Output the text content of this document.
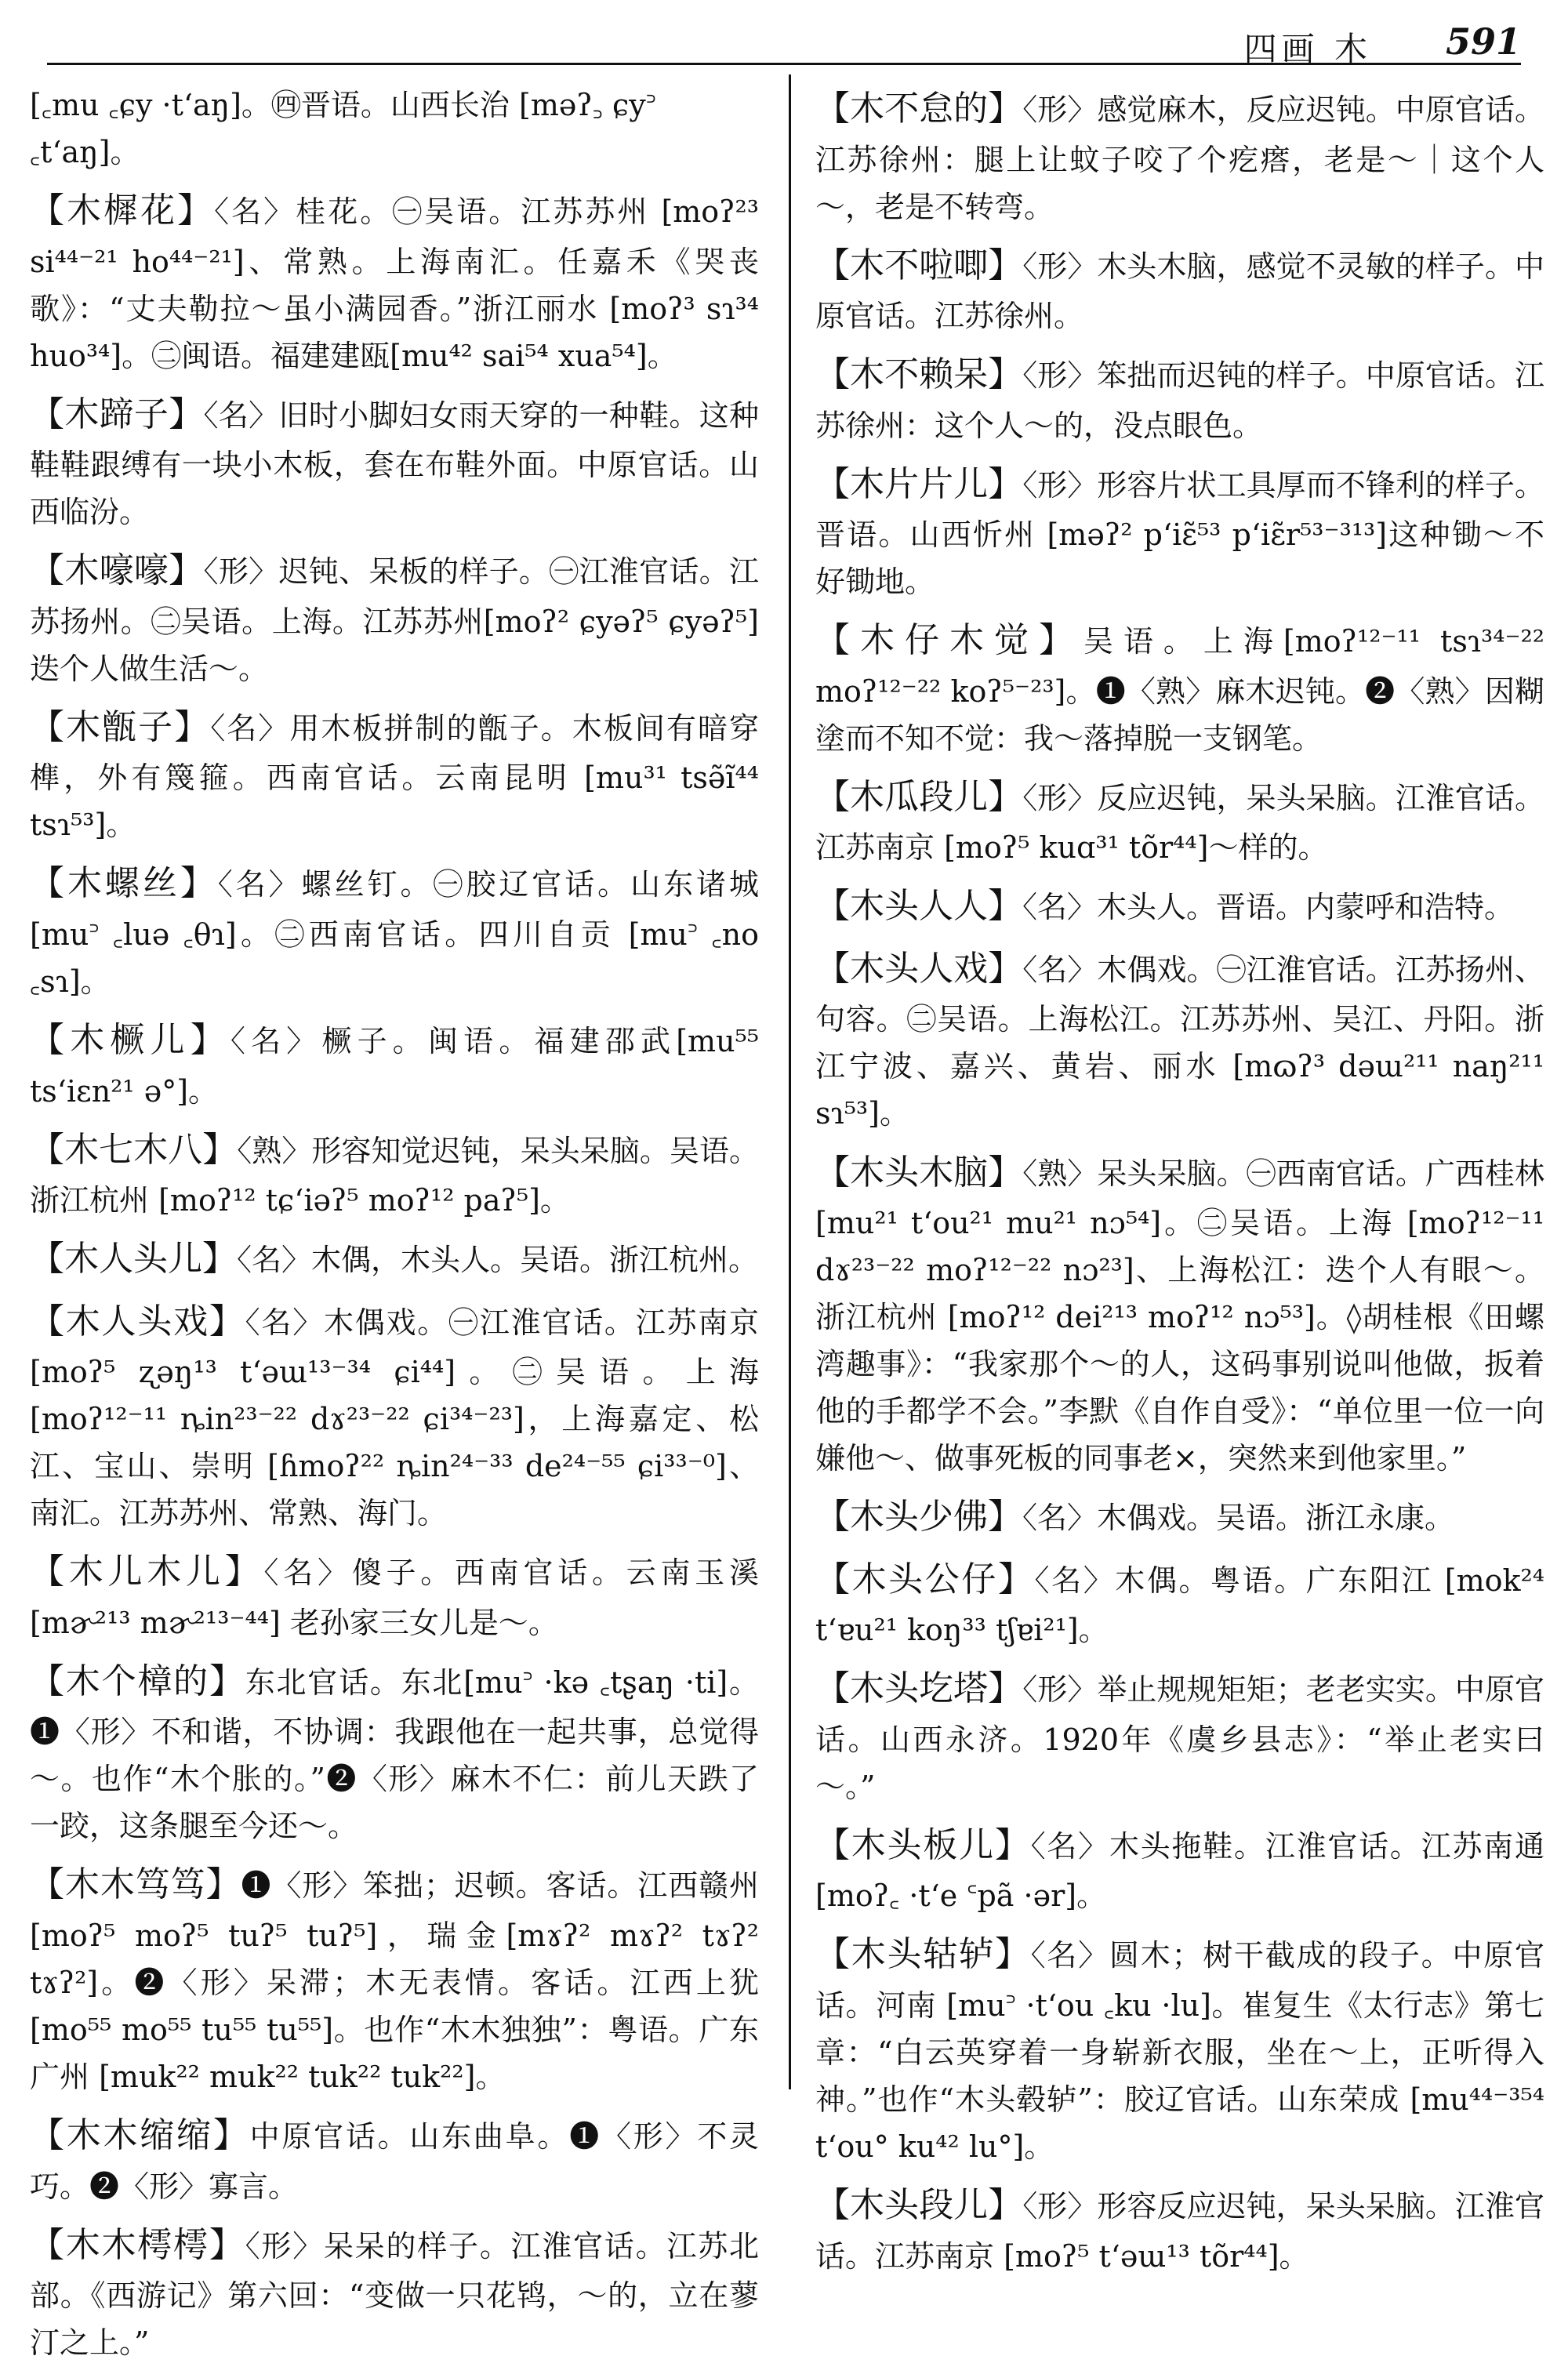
四画 木 591
[꜀mu ꜀ɕy ·t‘aŋ]。㊃晋语。山西长治 [məʔ꜆ ɕy꜄ ꜀t‘aŋ]。
【 木樨花 】 〈名〉桂花。㊀吴语。江苏苏州 [moʔ²³ si⁴⁴⁻²¹ ho⁴⁴⁻²¹]、常熟。上海南汇。任嘉禾《哭丧歌》：“丈夫勒拉～虽小满园香。”浙江丽水 [moʔ³ sɿ³⁴ huo³⁴]。㊁闽语。福建建瓯[mu⁴² sai⁵⁴ xua⁵⁴]。
【 木蹄子 】 〈名〉旧时小脚妇女雨天穿的一种鞋。这种鞋鞋跟缚有一块小木板，套在布鞋外面。中原官话。山西临汾。
【 木嚎嚎 】 〈形〉迟钝、呆板的样子。㊀江淮官话。江苏扬州。㊁吴语。上海。江苏苏州[moʔ² ɕyəʔ⁵ ɕyəʔ⁵] 迭个人做生活～。
【 木甑子 】 〈名〉用木板拼制的甑子。木板间有暗穿榫，外有篾箍。西南官话。云南昆明 [mu³¹ tsə̃ĩ⁴⁴ tsɿ⁵³]。
【 木螺丝 】 〈名〉螺丝钉。㊀胶辽官话。山东诸城[mu꜄ ꜀luə ꜀θɿ]。㊁西南官话。四川自贡 [mu꜄ ꜀no ꜀sɿ]。
【 木橛儿 】 〈名〉橛子。闽语。福建邵武[mu⁵⁵ ts‘iɛn²¹ ə°]。
【 木七木八 】 〈熟〉形容知觉迟钝，呆头呆脑。吴语。浙江杭州 [moʔ¹² tɕ‘iəʔ⁵ moʔ¹² paʔ⁵]。
【 木人头儿 】 〈名〉木偶，木头人。吴语。浙江杭州。
【 木人头戏 】 〈名〉木偶戏。㊀江淮官话。江苏南京 [moʔ⁵ ʐəŋ¹³ t‘əɯ¹³⁻³⁴ ɕi⁴⁴]。㊁吴语。上海[moʔ¹²⁻¹¹ ȵin²³⁻²² dɤ²³⁻²² ɕi³⁴⁻²³]，上海嘉定、松江、宝山、崇明 [ɦmoʔ²² ȵin²⁴⁻³³ de²⁴⁻⁵⁵ ɕi³³⁻⁰]、南汇。江苏苏州、常熟、海门。
【 木儿木儿 】 〈名〉傻子。西南官话。云南玉溪 [mɚ²¹³ mɚ²¹³⁻⁴⁴] 老孙家三女儿是～。
【 木个樟的 】 东北官话。东北[mu꜄ ·kə ꜀tʂaŋ ·ti]。❶〈形〉不和谐，不协调：我跟他在一起共事，总觉得～。也作“木个胀的。”❷〈形〉麻木不仁：前儿天跌了一跤，这条腿至今还～。
【 木木笃笃 】 ❶〈形〉笨拙；迟顿。客话。江西赣州 [moʔ⁵ moʔ⁵ tuʔ⁵ tuʔ⁵]，瑞金[mɤʔ² mɤʔ² tɤʔ² tɤʔ²]。❷〈形〉呆滞；木无表情。客话。江西上犹 [mo⁵⁵ mo⁵⁵ tu⁵⁵ tu⁵⁵]。也作“木木独独”：粤语。广东广州 [muk²² muk²² tuk²² tuk²²]。
【 木木缩缩 】 中原官话。山东曲阜。❶〈形〉不灵巧。❷〈形〉寡言。
【 木木樗樗 】 〈形〉呆呆的样子。江淮官话。江苏北部。《西游记》第六回：“变做一只花鸨，～的，立在蓼汀之上。”
【 木不怠的 】 〈形〉感觉麻木，反应迟钝。中原官话。江苏徐州：腿上让蚊子咬了个疙瘩，老是～｜这个人～，老是不转弯。
【 木不啦唧 】 〈形〉木头木脑，感觉不灵敏的样子。中原官话。江苏徐州。
【 木不赖呆 】 〈形〉笨拙而迟钝的样子。中原官话。江苏徐州：这个人～的，没点眼色。
【 木片片儿 】 〈形〉形容片状工具厚而不锋利的样子。晋语。山西忻州 [məʔ² p‘iɛ̃⁵³ p‘iɛ̃r⁵³⁻³¹³]这种锄～不好锄地。
【 木仔木觉 】 吴语。上海[moʔ¹²⁻¹¹ tsɿ³⁴⁻²² moʔ¹²⁻²² koʔ⁵⁻²³]。❶〈熟〉麻木迟钝。❷〈熟〉因糊塗而不知不觉：我～落掉脱一支钢笔。
【 木瓜段儿 】 〈形〉反应迟钝，呆头呆脑。江淮官话。江苏南京 [moʔ⁵ kuɑ³¹ tõr⁴⁴]～样的。
【 木头人人 】 〈名〉木头人。晋语。内蒙呼和浩特。
【 木头人戏 】 〈名〉木偶戏。㊀江淮官话。江苏扬州、句容。㊁吴语。上海松江。江苏苏州、吴江、丹阳。浙江宁波、嘉兴、黄岩、丽水 [mɷʔ³ dəɯ²¹¹ naŋ²¹¹ sɿ⁵³]。
【 木头木脑 】 〈熟〉呆头呆脑。㊀西南官话。广西桂林 [mu²¹ t‘ou²¹ mu²¹ nɔ⁵⁴]。㊁吴语。上海 [moʔ¹²⁻¹¹ dɤ²³⁻²² moʔ¹²⁻²² nɔ²³]、上海松江：迭个人有眼～。浙江杭州 [moʔ¹² dei²¹³ moʔ¹² nɔ⁵³]。◊胡桂根《田螺湾趣事》：“我家那个～的人，这码事别说叫他做，扳着他的手都学不会。”李默《自作自受》：“单位里一位一向嫌他～、做事死板的同事老×，突然来到他家里。”
【 木头少佛 】 〈名〉木偶戏。吴语。浙江永康。
【 木头公仔 】 〈名〉木偶。粤语。广东阳江 [mok²⁴ t‘ɐu²¹ koŋ³³ tʃɐi²¹]。
【 木头圪塔 】 〈形〉举止规规矩矩；老老实实。中原官话。山西永济。1920年《虞乡县志》：“举止老实曰～。”
【 木头板儿 】 〈名〉木头拖鞋。江淮官话。江苏南通 [moʔ꜀ ·t‘e ꜂pã ·ər]。
【 木头轱轳 】 〈名〉圆木；树干截成的段子。中原官话。河南 [mu꜄ ·t‘ou ꜀ku ·lu]。崔复生《太行志》第七章：“白云英穿着一身崭新衣服，坐在～上，正听得入神。”也作“木头毂轳”：胶辽官话。山东荣成 [mu⁴⁴⁻³⁵⁴ t‘ou° ku⁴² lu°]。
【 木头段儿 】 〈形〉形容反应迟钝，呆头呆脑。江淮官话。江苏南京 [moʔ⁵ t‘əɯ¹³ tõr⁴⁴]。
